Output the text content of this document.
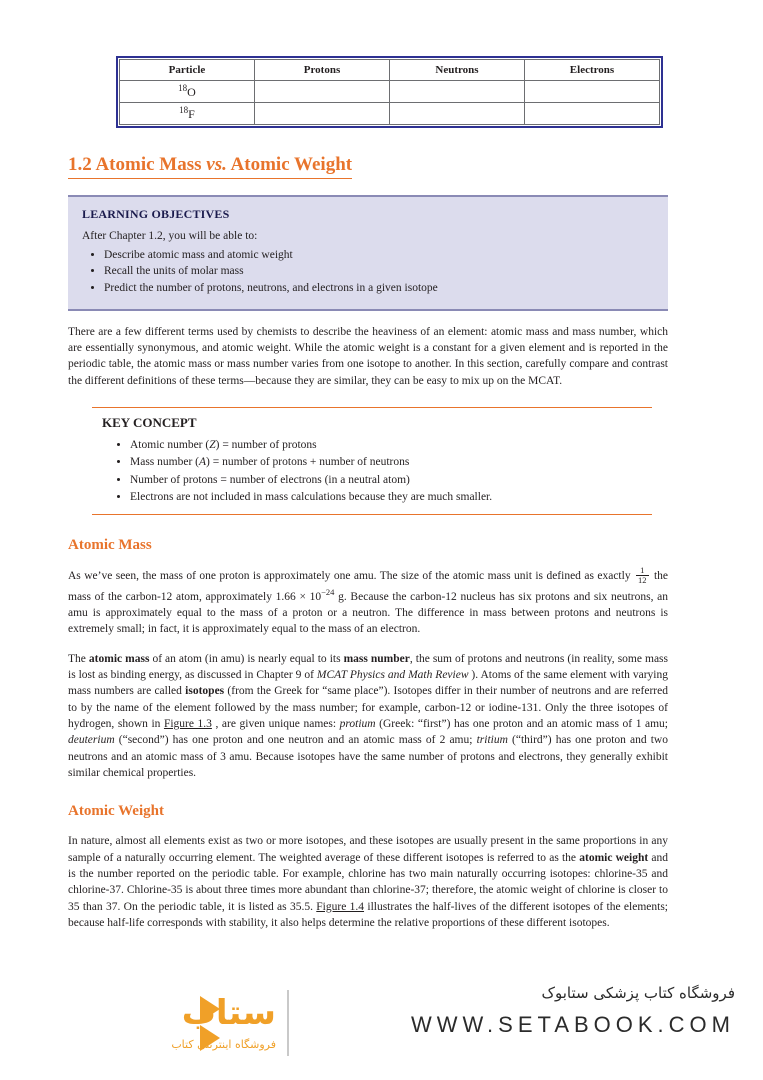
Particle	Protons	Neutrons	Electrons
$^{18}$O			
$^{18}$F			
1.2 Atomic Mass vs. Atomic Weight
LEARNING OBJECTIVES
After Chapter 1.2, you will be able to:
• Describe atomic mass and atomic weight
• Recall the units of molar mass
• Predict the number of protons, neutrons, and electrons in a given isotope

There are a few different terms used by chemists to describe the heaviness of an element: atomic mass and mass number, which are essentially synonymous, and atomic weight. While the atomic weight is a constant for a given element and is reported in the periodic table, the atomic mass or mass number varies from one isotope to another. In this section, carefully compare and contrast the different definitions of these terms—because they are similar, they can be easy to mix up on the MCAT.

KEY CONCEPT
• Atomic number (Z) = number of protons
• Mass number (A) = number of protons + number of neutrons
• Number of protons = number of electrons (in a neutral atom)
• Electrons are not included in mass calculations because they are much smaller.
Atomic Mass

As we’ve seen, the mass of one proton is approximately one amu. The size of the atomic mass unit is defined as exactly $\frac{1}{12}$ the mass of the carbon-12 atom, approximately $1.66 \times 10^{-24}$ g. Because the carbon-12 nucleus has six protons and six neutrons, an amu is approximately equal to the mass of a proton or a neutron. The difference in mass between protons and neutrons is extremely small; in fact, it is approximately equal to the mass of an electron.

The atomic mass of an atom (in amu) is nearly equal to its mass number, the sum of protons and neutrons (in reality, some mass is lost as binding energy, as discussed in Chapter 9 of MCAT Physics and Math Review ). Atoms of the same element with varying mass numbers are called isotopes (from the Greek for “same place”). Isotopes differ in their number of neutrons and are referred to by the name of the element followed by the mass number; for example, carbon-12 or iodine-131. Only the three isotopes of hydrogen, shown in Figure 1.3 , are given unique names: protium (Greek: “first”) has one proton and an atomic mass of 1 amu; deuterium (“second”) has one proton and one neutron and an atomic mass of 2 amu; tritium (“third”) has one proton and two neutrons and an atomic mass of 3 amu. Because isotopes have the same number of protons and electrons, they generally exhibit similar chemical properties.

Atomic Weight

In nature, almost all elements exist as two or more isotopes, and these isotopes are usually present in the same proportions in any sample of a naturally occurring element. The weighted average of these different isotopes is referred to as the atomic weight and is the number reported on the periodic table. For example, chlorine has two main naturally occurring isotopes: chlorine-35 and chlorine-37. Chlorine-35 is about three times more abundant than chlorine-37; therefore, the atomic weight of chlorine is closer to 35 than 37. On the periodic table, it is listed as 35.5. Figure 1.4 illustrates the half-lives of the different isotopes of the elements; because half-life corresponds with stability, it also helps determine the relative proportions of these different isotopes.

ستاب
فروشگاه اینترنتی کتاب
فروشگاه کتاب پزشکی ستابوک
WWW.SETABOOK.COM
